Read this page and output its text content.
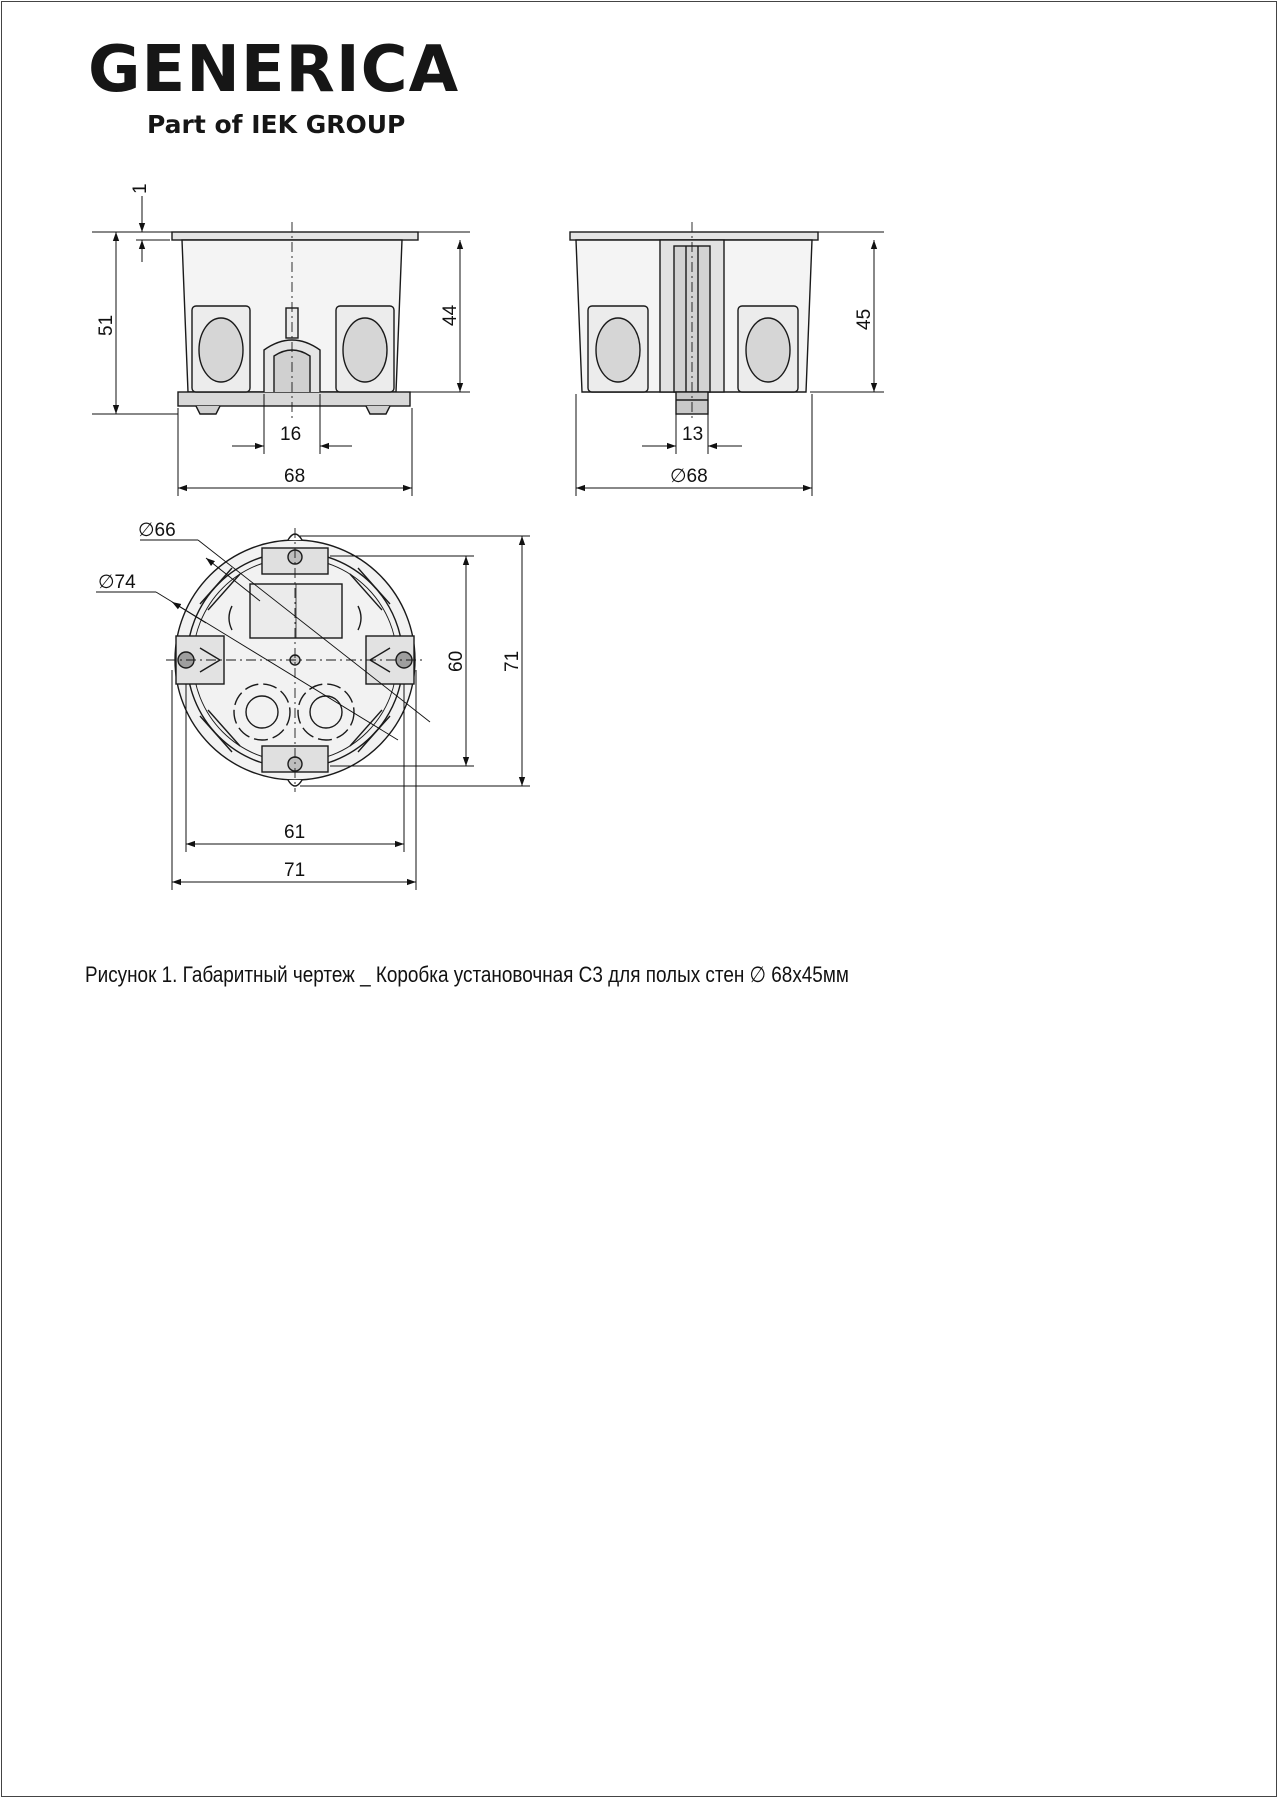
GENERICA
Part of IEK GROUP
1
51	44
16
68
45
13
∅68
∅66
∅74
60 71
61
71
Рисунок 1. Габаритный чертеж _ Коробка установочная С3 для полых стен ∅ 68х45мм
